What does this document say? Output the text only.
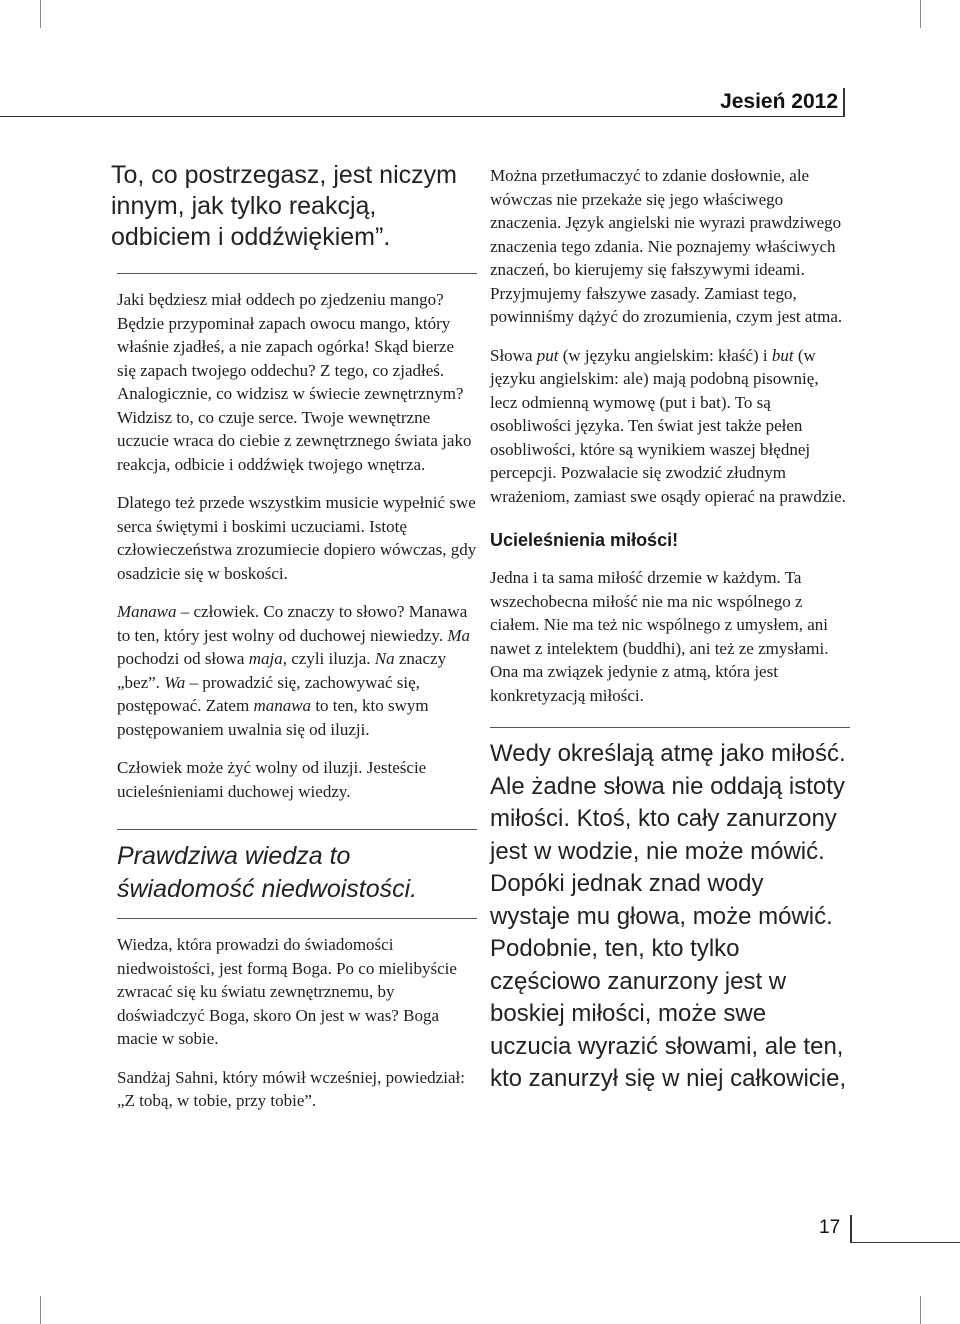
Jesień 2012

To, co postrzegasz, jest niczym innym, jak tylko reakcją, odbiciem i oddźwiękiem”.

Jaki będziesz miał oddech po zjedzeniu mango? Będzie przypominał zapach owocu mango, który właśnie zjadłeś, a nie zapach ogórka! Skąd bierze się zapach twojego oddechu? Z tego, co zjadłeś. Analogicznie, co widzisz w świecie zewnętrznym? Widzisz to, co czuje serce. Twoje wewnętrzne uczucie wraca do ciebie z zewnętrznego świata jako reakcja, odbicie i oddźwięk twojego wnętrza.

Dlatego też przede wszystkim musicie wypełnić swe serca świętymi i boskimi uczuciami. Istotę człowieczeństwa zrozumiecie dopiero wówczas, gdy osadzicie się w boskości.

Manawa – człowiek. Co znaczy to słowo? Manawa to ten, który jest wolny od duchowej niewiedzy. Ma pochodzi od słowa maja, czyli iluzja. Na znaczy „bez”. Wa – prowadzić się, zachowywać się, postępować. Zatem manawa to ten, kto swym postępowaniem uwalnia się od iluzji.

Człowiek może żyć wolny od iluzji. Jesteście ucieleśnieniami duchowej wiedzy.

Prawdziwa wiedza to świadomość niedwoistości.

Wiedza, która prowadzi do świadomości niedwoistości, jest formą Boga. Po co mielibyście zwracać się ku światu zewnętrznemu, by doświadczyć Boga, skoro On jest w was? Boga macie w sobie.

Sandżaj Sahni, który mówił wcześniej, powiedział: „Z tobą, w tobie, przy tobie”.

Można przetłumaczyć to zdanie dosłownie, ale wówczas nie przekaże się jego właściwego znaczenia. Język angielski nie wyrazi prawdziwego znaczenia tego zdania. Nie poznajemy właściwych znaczeń, bo kierujemy się fałszywymi ideami. Przyjmujemy fałszywe zasady. Zamiast tego, powinniśmy dążyć do zrozumienia, czym jest atma.

Słowa put (w języku angielskim: kłaść) i but (w języku angielskim: ale) mają podobną pisownię, lecz odmienną wymowę (put i bat). To są osobliwości języka. Ten świat jest także pełen osobliwości, które są wynikiem waszej błędnej percepcji. Pozwalacie się zwodzić złudnym wrażeniom, zamiast swe osądy opierać na prawdzie.

Ucieleśnienia miłości!

Jedna i ta sama miłość drzemie w każdym. Ta wszechobecna miłość nie ma nic wspólnego z ciałem. Nie ma też nic wspólnego z umysłem, ani nawet z intelektem (buddhi), ani też ze zmysłami. Ona ma związek jedynie z atmą, która jest konkretyzacją miłości.

Wedy określają atmę jako miłość. Ale żadne słowa nie oddają istoty miłości. Ktoś, kto cały zanurzony jest w wodzie, nie może mówić. Dopóki jednak znad wody wystaje mu głowa, może mówić. Podobnie, ten, kto tylko częściowo zanurzony jest w boskiej miłości, może swe uczucia wyrazić słowami, ale ten, kto zanurzył się w niej całkowicie,

17
